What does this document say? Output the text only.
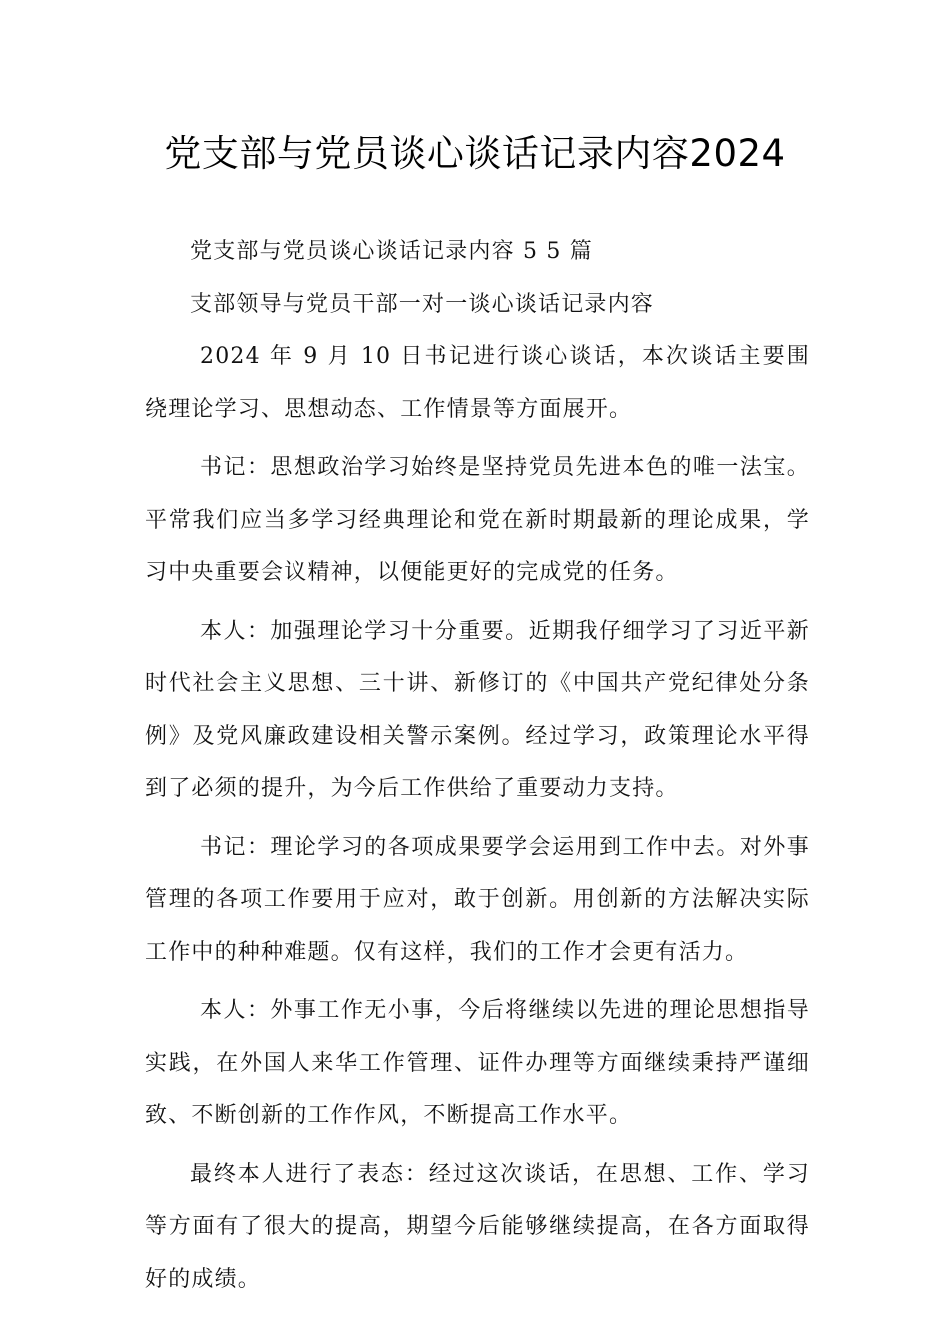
党支部与党员谈心谈话记录内容2024

党支部与党员谈心谈话记录内容 5 5 篇

支部领导与党员干部一对一谈心谈话记录内容

2024 年 9 月 10 日书记进行谈心谈话，本次谈话主要围绕理论学习、思想动态、工作情景等方面展开。

书记：思想政治学习始终是坚持党员先进本色的唯一法宝。平常我们应当多学习经典理论和党在新时期最新的理论成果，学习中央重要会议精神，以便能更好的完成党的任务。

本人：加强理论学习十分重要。近期我仔细学习了习近平新时代社会主义思想、三十讲、新修订的《中国共产党纪律处分条例》及党风廉政建设相关警示案例。经过学习，政策理论水平得到了必须的提升，为今后工作供给了重要动力支持。

书记：理论学习的各项成果要学会运用到工作中去。对外事管理的各项工作要用于应对，敢于创新。用创新的方法解决实际工作中的种种难题。仅有这样，我们的工作才会更有活力。

本人：外事工作无小事，今后将继续以先进的理论思想指导实践，在外国人来华工作管理、证件办理等方面继续秉持严谨细致、不断创新的工作作风，不断提高工作水平。

最终本人进行了表态：经过这次谈话，在思想、工作、学习等方面有了很大的提高，期望今后能够继续提高，在各方面取得好的成绩。
